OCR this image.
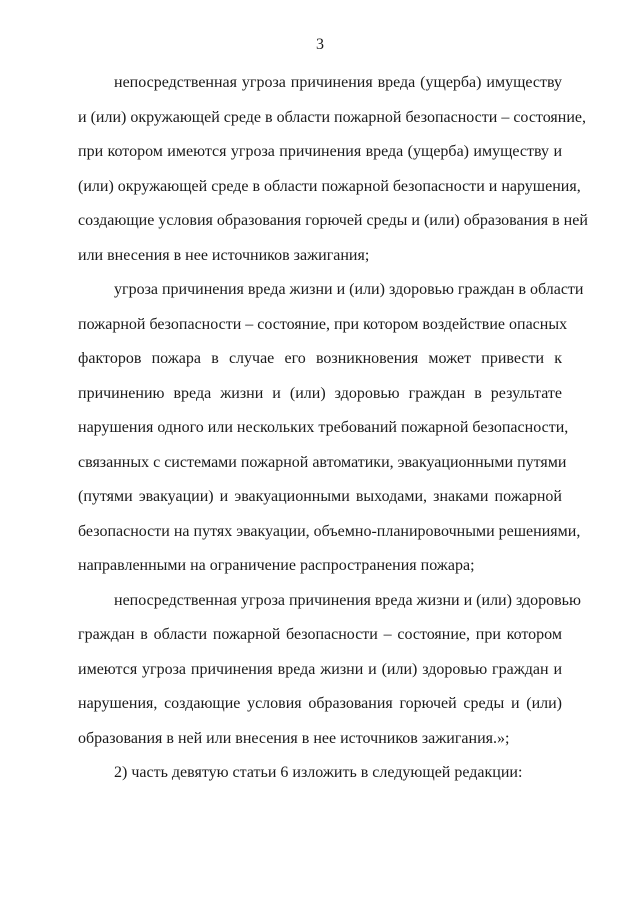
3
непосредственная угроза причинения вреда (ущерба) имуществу
и (или) окружающей среде в области пожарной безопасности – состояние,
при котором имеются угроза причинения вреда (ущерба) имуществу и
(или) окружающей среде в области пожарной безопасности и нарушения,
создающие условия образования горючей среды и (или) образования в ней
или внесения в нее источников зажигания;
угроза причинения вреда жизни и (или) здоровью граждан в области
пожарной безопасности – состояние, при котором воздействие опасных
факторов пожара в случае его возникновения может привести к
причинению вреда жизни и (или) здоровью граждан в результате
нарушения одного или нескольких требований пожарной безопасности,
связанных с системами пожарной автоматики, эвакуационными путями
(путями эвакуации) и эвакуационными выходами, знаками пожарной
безопасности на путях эвакуации, объемно-планировочными решениями,
направленными на ограничение распространения пожара;
непосредственная угроза причинения вреда жизни и (или) здоровью
граждан в области пожарной безопасности – состояние, при котором
имеются угроза причинения вреда жизни и (или) здоровью граждан и
нарушения, создающие условия образования горючей среды и (или)
образования в ней или внесения в нее источников зажигания.»;
2) часть девятую статьи 6 изложить в следующей редакции:
